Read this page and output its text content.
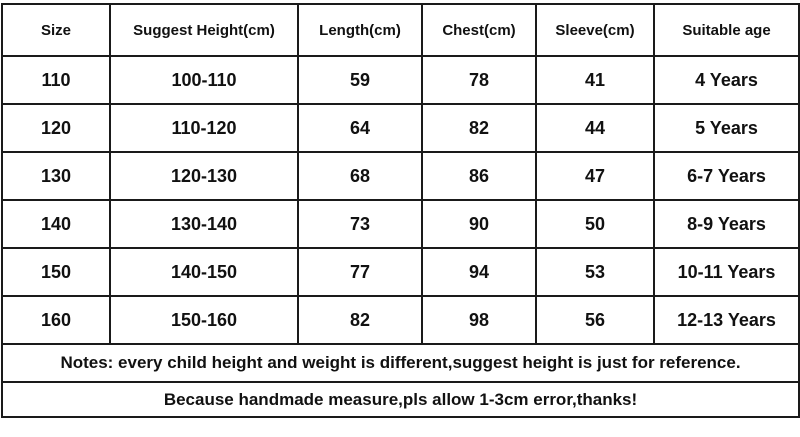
Size	Suggest Height(cm)	Length(cm)	Chest(cm)	Sleeve(cm)	Suitable age
110	100-110	59	78	41	4 Years
120	110-120	64	82	44	5 Years
130	120-130	68	86	47	6-7 Years
140	130-140	73	90	50	8-9 Years
150	140-150	77	94	53	10-11 Years
160	150-160	82	98	56	12-13 Years
Notes: every child height and weight is different,suggest height is just for reference.					
Because handmade measure,pls allow 1-3cm error,thanks!					
